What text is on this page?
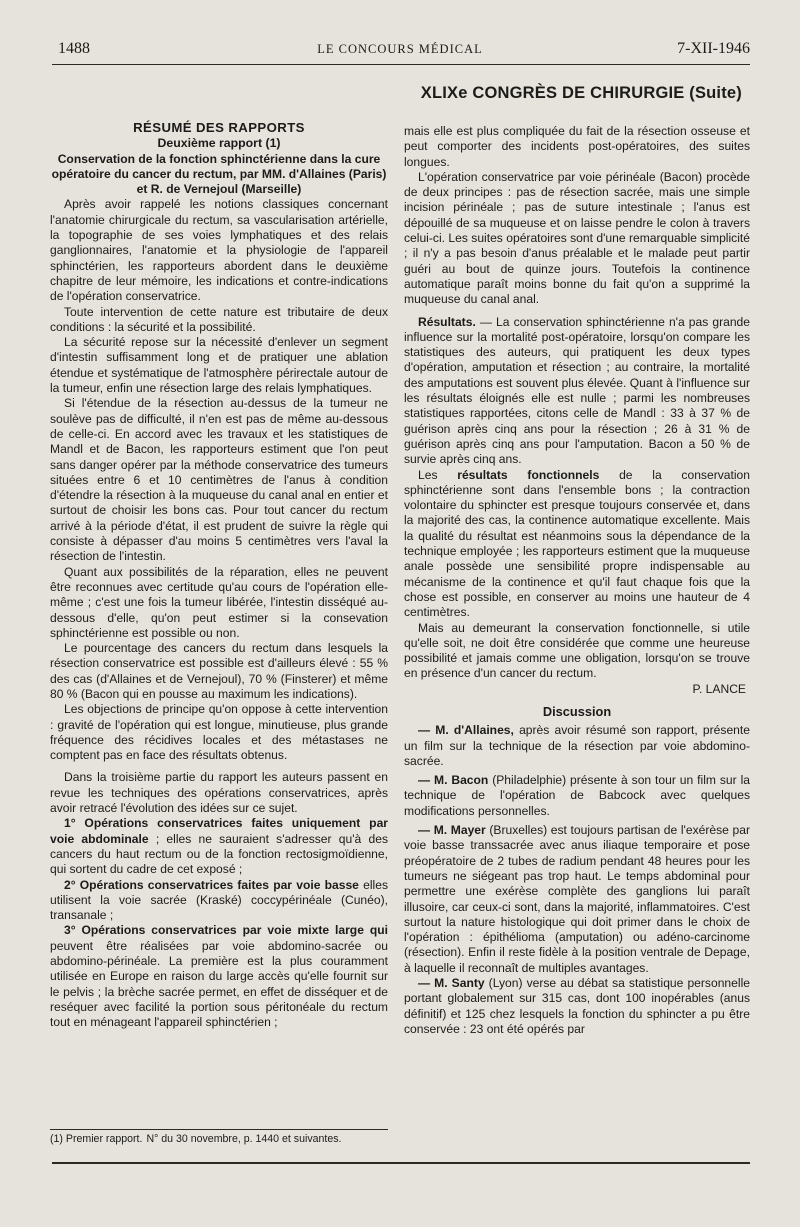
1488	LE CONCOURS MÉDICAL	7-XII-1946
XLIXe CONGRÈS DE CHIRURGIE (Suite)

RÉSUMÉ DES RAPPORTS

Deuxième rapport (1)

Conservation de la fonction sphinctérienne dans la cure opératoire du cancer du rectum, par MM. d'Allaines (Paris) et R. de Vernejoul (Marseille)

Après avoir rappelé les notions classiques concernant l'anatomie chirurgicale du rectum, sa vascularisation artérielle, la topographie de ses voies lymphatiques et des relais ganglionnaires, l'anatomie et la physiologie de l'appareil sphinctérien, les rapporteurs abordent dans le deuxième chapitre de leur mémoire, les indications et contre-indications de l'opération conservatrice.

Toute intervention de cette nature est tributaire de deux conditions : la sécurité et la possibilité.

La sécurité repose sur la nécessité d'enlever un segment d'intestin suffisamment long et de pratiquer une ablation étendue et systématique de l'atmosphère périrectale autour de la tumeur, enfin une résection large des relais lymphatiques.

Si l'étendue de la résection au-dessus de la tumeur ne soulève pas de difficulté, il n'en est pas de même au-dessous de celle-ci. En accord avec les travaux et les statistiques de Mandl et de Bacon, les rapporteurs estiment que l'on peut sans danger opérer par la méthode conservatrice des tumeurs situées entre 6 et 10 centimètres de l'anus à condition d'étendre la résection à la muqueuse du canal anal en entier et surtout de choisir les bons cas. Pour tout cancer du rectum arrivé à la période d'état, il est prudent de suivre la règle qui consiste à dépasser d'au moins 5 centimètres vers l'aval la résection de l'intestin.

Quant aux possibilités de la réparation, elles ne peuvent être reconnues avec certitude qu'au cours de l'opération elle-même ; c'est une fois la tumeur libérée, l'intestin disséqué au-dessous d'elle, qu'on peut estimer si la consevation sphinctérienne est possible ou non.

Le pourcentage des cancers du rectum dans lesquels la résection conservatrice est possible est d'ailleurs élevé : 55 % des cas (d'Allaines et de Vernejoul), 70 % (Finsterer) et même 80 % (Bacon qui en pousse au maximum les indications).

Les objections de principe qu'on oppose à cette intervention : gravité de l'opération qui est longue, minutieuse, plus grande fréquence des récidives locales et des métastases ne comptent pas en face des résultats obtenus.

Dans la troisième partie du rapport les auteurs passent en revue les techniques des opérations conservatrices, après avoir retracé l'évolution des idées sur ce sujet.

1° Opérations conservatrices faites uniquement par voie abdominale ; elles ne sauraient s'adresser qu'à des cancers du haut rectum ou de la fonction rectosigmoïdienne, qui sortent du cadre de cet exposé ;

2° Opérations conservatrices faites par voie basse elles utilisent la voie sacrée (Kraské) coccypérinéale (Cunéo), transanale ;

3° Opérations conservatrices par voie mixte large qui peuvent être réalisées par voie abdomino-sacrée ou abdomino-périnéale. La première est la plus couramment utilisée en Europe en raison du large accès qu'elle fournit sur le pelvis ; la brèche sacrée permet, en effet de disséquer et de reséquer avec facilité la portion sous péritonéale du rectum tout en ménageant l'appareil sphinctérien ;

(1) Premier rapport. N° du 30 novembre, p. 1440 et suivantes.

mais elle est plus compliquée du fait de la résection osseuse et peut comporter des incidents post-opératoires, des suites longues.

L'opération conservatrice par voie périnéale (Bacon) procède de deux principes : pas de résection sacrée, mais une simple incision périnéale ; pas de suture intestinale ; l'anus est dépouillé de sa muqueuse et on laisse pendre le colon à travers celui-ci. Les suites opératoires sont d'une remarquable simplicité ; il n'y a pas besoin d'anus préalable et le malade peut partir guéri au bout de quinze jours. Toutefois la continence automatique paraît moins bonne du fait qu'on a supprimé la muqueuse du canal anal.

Résultats. — La conservation sphinctérienne n'a pas grande influence sur la mortalité post-opératoire, lorsqu'on compare les statistiques des auteurs, qui pratiquent les deux types d'opération, amputation et résection ; au contraire, la mortalité des amputations est souvent plus élevée. Quant à l'influence sur les résultats éloignés elle est nulle ; parmi les nombreuses statistiques rapportées, citons celle de Mandl : 33 à 37 % de guérison après cinq ans pour la résection ; 26 à 31 % de guérison après cinq ans pour l'amputation. Bacon a 50 % de survie après cinq ans.

Les résultats fonctionnels de la conservation sphinctérienne sont dans l'ensemble bons ; la contraction volontaire du sphincter est presque toujours conservée et, dans la majorité des cas, la continence automatique excellente. Mais la qualité du résultat est néanmoins sous la dépendance de la technique employée ; les rapporteurs estiment que la muqueuse anale possède une sensibilité propre indispensable au mécanisme de la continence et qu'il faut chaque fois que la chose est possible, en conserver au moins une hauteur de 4 centimètres.

Mais au demeurant la conservation fonctionnelle, si utile qu'elle soit, ne doit être considérée que comme une heureuse possibilité et jamais comme une obligation, lorsqu'on se trouve en présence d'un cancer du rectum.

P. LANCE

Discussion

— M. d'Allaines, après avoir résumé son rapport, présente un film sur la technique de la résection par voie abdomino-sacrée.

— M. Bacon (Philadelphie) présente à son tour un film sur la technique de l'opération de Babcock avec quelques modifications personnelles.

— M. Mayer (Bruxelles) est toujours partisan de l'exérèse par voie basse transsacrée avec anus iliaque temporaire et pose préopératoire de 2 tubes de radium pendant 48 heures pour les tumeurs ne siégeant pas trop haut. Le temps abdominal pour permettre une exérèse complète des ganglions lui paraît illusoire, car ceux-ci sont, dans la majorité, inflammatoires. C'est surtout la nature histologique qui doit primer dans le choix de l'opération : épithélioma (amputation) ou adéno-carcinome (résection). Enfin il reste fidèle à la position ventrale de Depage, à laquelle il reconnaît de multiples avantages.

— M. Santy (Lyon) verse au débat sa statistique personnelle portant globalement sur 315 cas, dont 100 inopérables (anus définitif) et 125 chez lesquels la fonction du sphincter a pu être conservée : 23 ont été opérés par
